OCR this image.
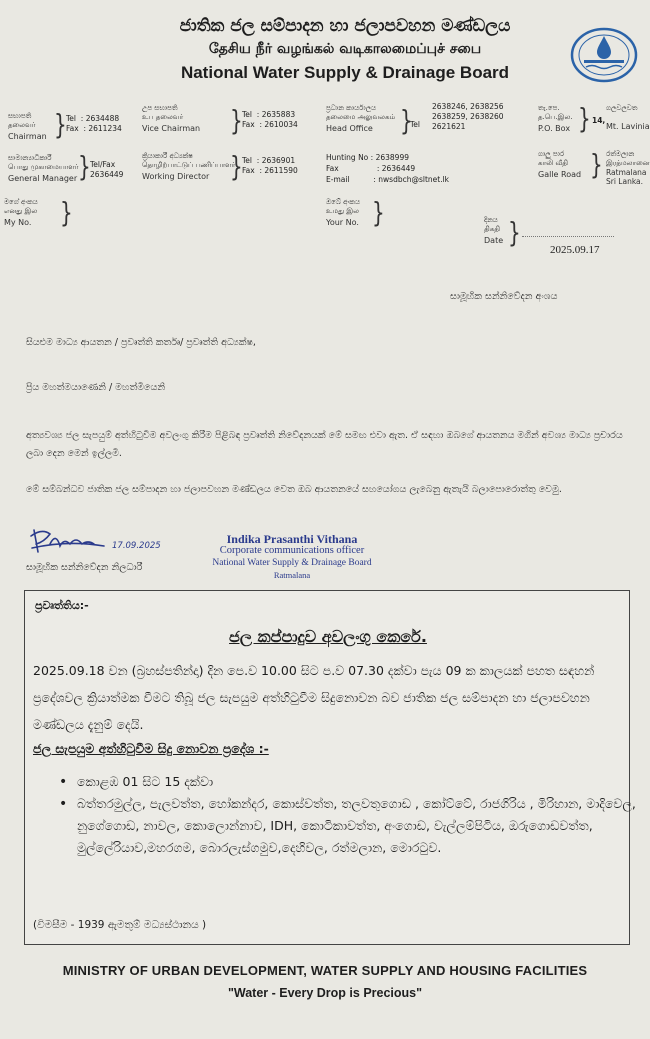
ජාතික ජල සම්පාදන හා ජලාපවහන මණ්ඩලය
தேசிய நீர் வழங்கல் வடிகாலமைப்புச் சபை
National Water Supply & Drainage Board
සභාපති
தலைவர்
Chairman } Tel : 2634488
Fax : 2611234
උප සභාපති
உப தலைவர்
Vice Chairman } Tel : 2635883
Fax : 2610034
ප්‍රධාන කාර්යාලය
தலைமை அலுவலகம்
Head Office	}
Tel
2638246, 2638256
2638259, 2638260
2621621
තැ.පෙ.
த.பெ.இல.
P.O. Box } 14,
ගලවලවත

Mt. Lavinia
සාමාන්‍යාධිකාරී
பொது முகாமையாளர்
General Manager } Tel/Fax
2636449
ක්‍රියාකාරී අධ්‍යක්ෂ
தொழிற்பாட்டுப் பணிப்பாளர்
Working Director	} Tel : 2636901
Fax : 2611590
Hunting No : 2638999
Fax	: 2636449
E-mail	: nwsdbch@sltnet.lk
ගාලු පාර
காலி வீதி
Galle Road } රත්මලාන
இரத்மலானை
Ratmalana
Sri Lanka.
මගේ අංකය
எனது இல
My No.	}	ඔබේ අංකය
உமது இல
Your No. }	දිනය
திகதி
Date }
2025.09.17
සාමූහික සන්නිවේදන අංශය
සියළුම මාධ්‍ය ආයතන / ප්‍රවෘත්ති කර්තෘ/ ප්‍රවෘත්ති අධ්‍යක්ෂ,
ප්‍රිය මහත්මයාණෙනි / මහත්මියෙනි
අත්‍යවශ්‍ය ජල සැපයුම් අත්හිටුවීම අවලංගු කිරීම පිළිබඳ ප්‍රවෘත්ති නිවේදනයක් මේ සමඟ එවා ඇත. ඒ සඳහා ඔබගේ ආයතනය මගින් අවශ්‍ය මාධ්‍ය ප්‍රචාරය ලබා දෙන මෙන් ඉල්ලමි.
මේ සම්බන්ධව ජාතික ජල සම්පාදන හා ජලාපවහන මණ්ඩලය වෙත ඔබ ආයතනයේ සහයෝගය ලැබෙනු ඇතැයි බලාපොරොත්තු වෙමු.
17.09.2025
සාමූහික සන්නිවේදන නිලධාරී
Indika Prasanthi Vithana
Corporate communications officer
National Water Supply & Drainage Board
Ratmalana
ප්‍රවෘත්තිය:-
ජල කප්පාදුව අවලංගු කෙරේ.
2025.09.18 වන (බ්‍රහස්පතින්දා) දින පෙ.ව 10.00 සිට ප.ව 07.30 දක්වා පැය 09 ක කාලයක් පහත සඳහන් ප්‍රදේශවල ක්‍රියාත්මක වීමට තිබූ ජල සැපයුම අත්හිටුවීම සිදුනොවන බව ජාතික ජල සම්පාදන හා ජලාපවහන මණ්ඩලය දැනුම් දෙයි.
ජල සැපයුම අත්හිටුවීම සිදු නොවන ප්‍රදේශ :-
• කොළඹ 01 සිට 15 දක්වා
• බත්තරමුල්ල, පැලවත්ත, හෝකන්දර, කොස්වත්ත, තලවතුගොඩ , කෝට්ටේ, රාජගිරිය , මිරිහාන, මාදිවෙල, නුගේගොඩ, නාවල, කොලොන්නාව, IDH, කොටිකාවත්ත, අංගොඩ, වැල්ලම්පිටිය, ඔරුගොඩවත්ත, මුල්ලේරියාව,මහරගම, බොරලැස්ගමුව,දෙහිවල, රත්මලාන, මොරටුව.
(විමසීම - 1939 ඇමතුම් මධ්‍යස්ථානය )
MINISTRY OF URBAN DEVELOPMENT, WATER SUPPLY AND HOUSING FACILITIES
"Water - Every Drop is Precious"
